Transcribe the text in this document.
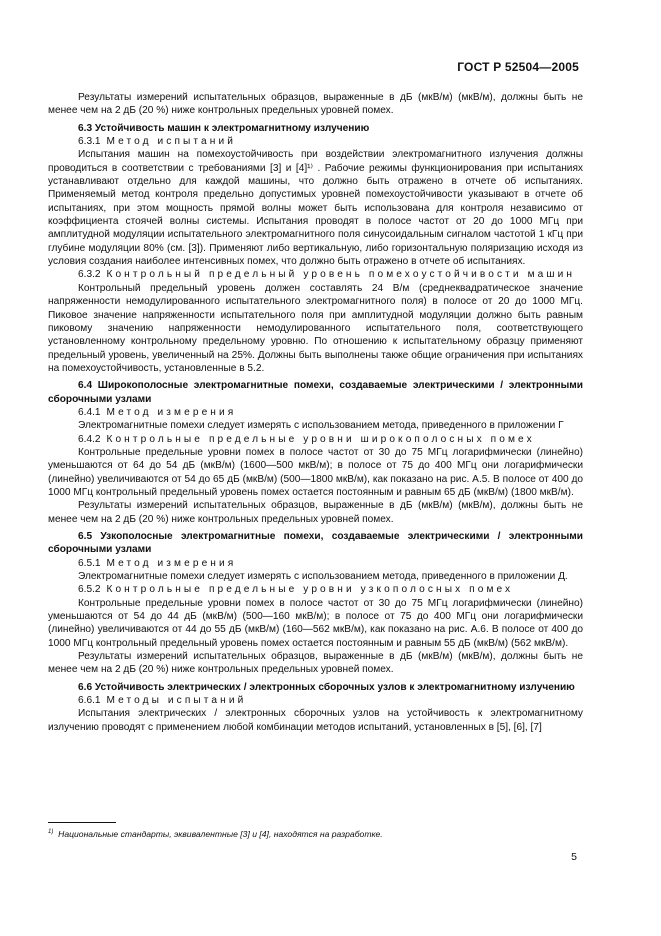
ГОСТ Р 52504—2005

Результаты измерений испытательных образцов, выраженные в дБ (мкВ/м) (мкВ/м), должны быть не менее чем на 2 дБ (20 %) ниже контрольных предельных уровней помех.

6.3 Устойчивость машин к электромагнитному излучению

6.3.1 Метод испытаний

Испытания машин на помехоустойчивость при воздействии электромагнитного излучения должны проводиться в соответствии с требованиями [3] и [4]¹⁾ . Рабочие режимы функционирования при испытаниях устанавливают отдельно для каждой машины, что должно быть отражено в отчете об испытаниях. Применяемый метод контроля предельно допустимых уровней помехоустойчивости указывают в отчете об испытаниях, при этом мощность прямой волны может быть использована для контроля независимо от коэффициента стоячей волны системы. Испытания проводят в полосе частот от 20 до 1000 МГц при амплитудной модуляции испытательного электромагнитного поля синусоидальным сигналом частотой 1 кГц при глубине модуляции 80% (см. [3]). Применяют либо вертикальную, либо горизонтальную поляризацию исходя из условия создания наиболее интенсивных помех, что должно быть отражено в отчете об испытаниях.

6.3.2 Контрольный предельный уровень помехоустойчивости машин

Контрольный предельный уровень должен составлять 24 В/м (среднеквадратическое значение напряженности немодулированного испытательного электромагнитного поля) в полосе от 20 до 1000 МГц. Пиковое значение напряженности испытательного поля при амплитудной модуляции должно быть равным пиковому значению напряженности немодулированного испытательного поля, соответствующего установленному контрольному предельному уровню. По отношению к испытательному образцу применяют предельный уровень, увеличенный на 25%. Должны быть выполнены также общие ограничения при испытаниях на помехоустойчивость, установленные в 5.2.

6.4 Широкополосные электромагнитные помехи, создаваемые электрическими / электронными сборочными узлами

6.4.1 Метод измерения

Электромагнитные помехи следует измерять с использованием метода, приведенного в приложении Г

6.4.2 Контрольные предельные уровни широкополосных помех

Контрольные предельные уровни помех в полосе частот от 30 до 75 МГц логарифмически (линейно) уменьшаются от 64 до 54 дБ (мкВ/м) (1600—500 мкВ/м); в полосе от 75 до 400 МГц они логарифмически (линейно) увеличиваются от 54 до 65 дБ (мкВ/м) (500—1800 мкВ/м), как показано на рис. А.5. В полосе от 400 до 1000 МГц контрольный предельный уровень помех остается постоянным и равным 65 дБ (мкВ/м) (1800 мкВ/м).

Результаты измерений испытательных образцов, выраженные в дБ (мкВ/м) (мкВ/м), должны быть не менее чем на 2 дБ (20 %) ниже контрольных предельных уровней помех.

6.5 Узкополосные электромагнитные помехи, создаваемые электрическими / электронными сборочными узлами

6.5.1 Метод измерения

Электромагнитные помехи следует измерять с использованием метода, приведенного в приложении Д.

6.5.2 Контрольные предельные уровни узкополосных помех

Контрольные предельные уровни помех в полосе частот от 30 до 75 МГц логарифмически (линейно) уменьшаются от 54 до 44 дБ (мкВ/м) (500—160 мкВ/м); в полосе от 75 до 400 МГц они логарифмически (линейно) увеличиваются от 44 до 55 дБ (мкВ/м) (160—562 мкВ/м), как показано на рис. А.6. В полосе от 400 до 1000 МГц контрольный предельный уровень помех остается постоянным и равным 55 дБ (мкВ/м) (562 мкВ/м).

Результаты измерений испытательных образцов, выраженные в дБ (мкВ/м) (мкВ/м), должны быть не менее чем на 2 дБ (20 %) ниже контрольных предельных уровней помех.

6.6 Устойчивость электрических / электронных сборочных узлов к электромагнитному излучению

6.6.1 Методы испытаний

Испытания электрических / электронных сборочных узлов на устойчивость к электромагнитному излучению проводят с применением любой комбинации методов испытаний, установленных в [5], [6], [7]

$^{1)}$ Национальные стандарты, эквивалентные [3] и [4], находятся на разработке.
5
